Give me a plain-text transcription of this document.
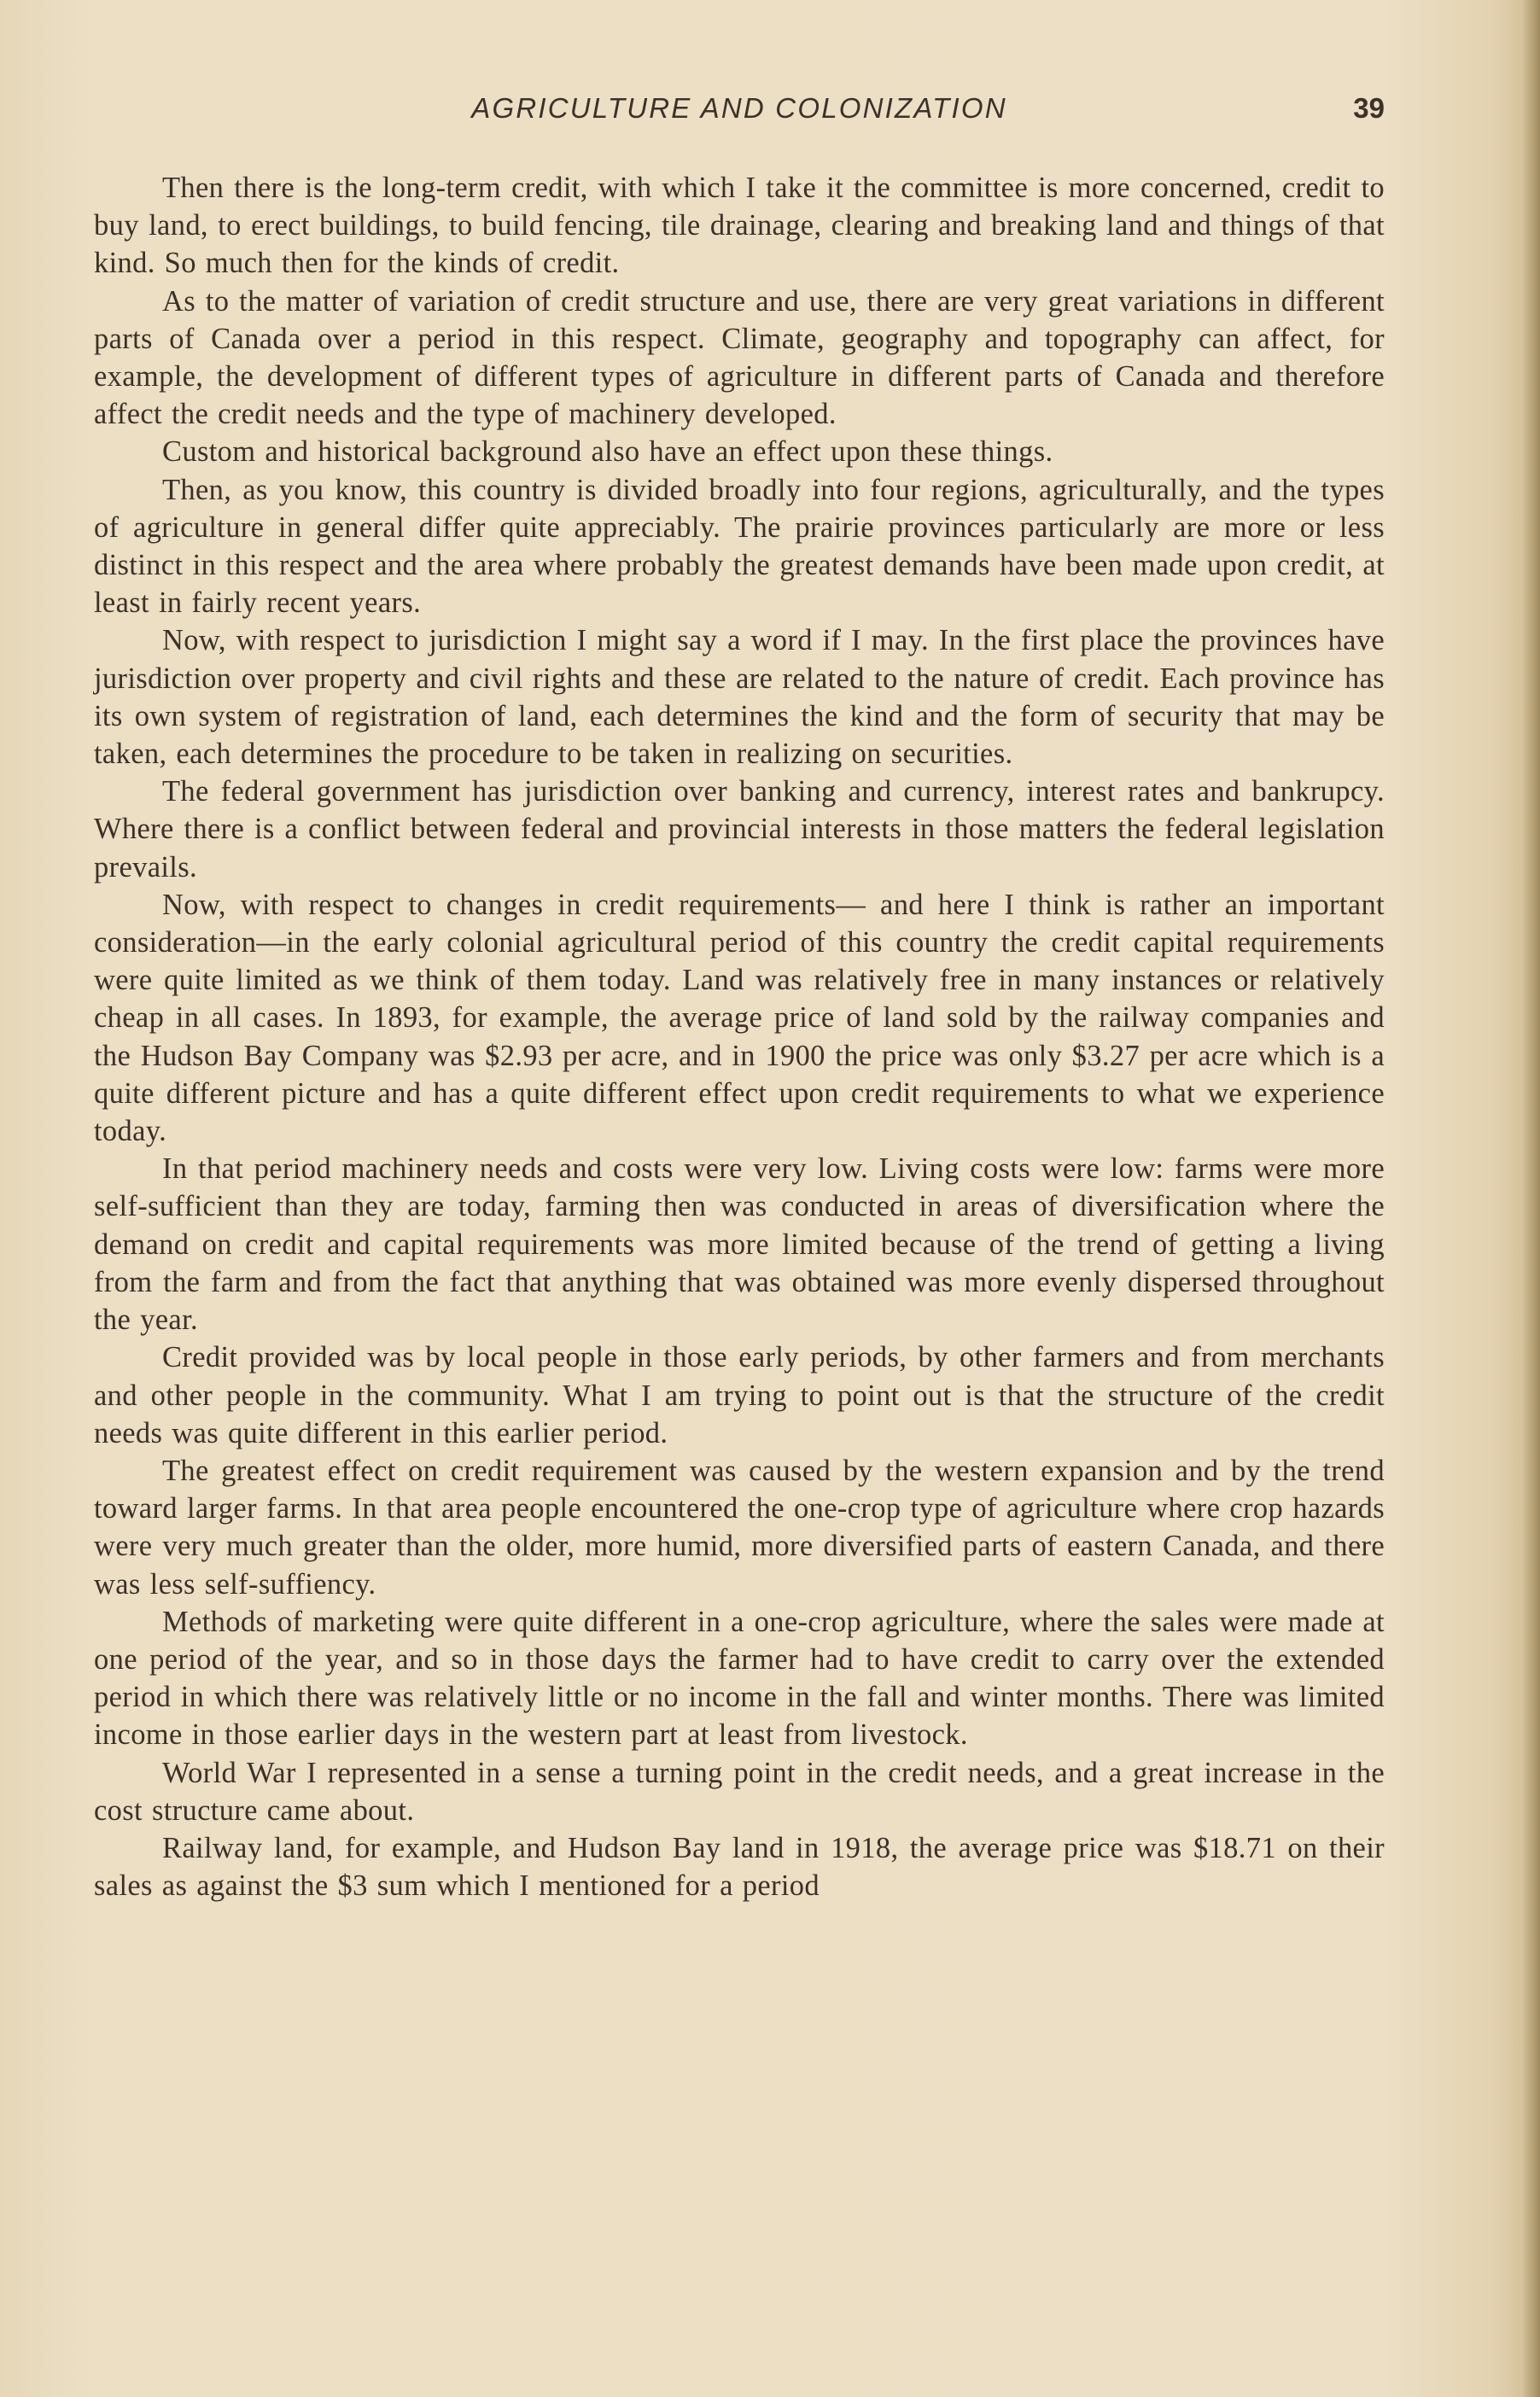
AGRICULTURE AND COLONIZATION	39

Then there is the long-term credit, with which I take it the committee is more concerned, credit to buy land, to erect buildings, to build fencing, tile drainage, clearing and breaking land and things of that kind. So much then for the kinds of credit.

As to the matter of variation of credit structure and use, there are very great variations in different parts of Canada over a period in this respect. Climate, geography and topography can affect, for example, the development of different types of agriculture in different parts of Canada and therefore affect the credit needs and the type of machinery developed.

Custom and historical background also have an effect upon these things.

Then, as you know, this country is divided broadly into four regions, agriculturally, and the types of agriculture in general differ quite appreciably. The prairie provinces particularly are more or less distinct in this respect and the area where probably the greatest demands have been made upon credit, at least in fairly recent years.

Now, with respect to jurisdiction I might say a word if I may. In the first place the provinces have jurisdiction over property and civil rights and these are related to the nature of credit. Each province has its own system of registration of land, each determines the kind and the form of security that may be taken, each determines the procedure to be taken in realizing on securities.

The federal government has jurisdiction over banking and currency, interest rates and bankrupcy. Where there is a conflict between federal and provincial interests in those matters the federal legislation prevails.

Now, with respect to changes in credit requirements— and here I think is rather an important consideration—in the early colonial agricultural period of this country the credit capital requirements were quite limited as we think of them today. Land was relatively free in many instances or relatively cheap in all cases. In 1893, for example, the average price of land sold by the railway companies and the Hudson Bay Company was $2.93 per acre, and in 1900 the price was only $3.27 per acre which is a quite different picture and has a quite different effect upon credit requirements to what we experience today.

In that period machinery needs and costs were very low. Living costs were low: farms were more self-sufficient than they are today, farming then was conducted in areas of diversification where the demand on credit and capital requirements was more limited because of the trend of getting a living from the farm and from the fact that anything that was obtained was more evenly dispersed throughout the year.

Credit provided was by local people in those early periods, by other farmers and from merchants and other people in the community. What I am trying to point out is that the structure of the credit needs was quite different in this earlier period.

The greatest effect on credit requirement was caused by the western expansion and by the trend toward larger farms. In that area people encountered the one-crop type of agriculture where crop hazards were very much greater than the older, more humid, more diversified parts of eastern Canada, and there was less self-suffiency.

Methods of marketing were quite different in a one-crop agriculture, where the sales were made at one period of the year, and so in those days the farmer had to have credit to carry over the extended period in which there was relatively little or no income in the fall and winter months. There was limited income in those earlier days in the western part at least from livestock.

World War I represented in a sense a turning point in the credit needs, and a great increase in the cost structure came about.

Railway land, for example, and Hudson Bay land in 1918, the average price was $18.71 on their sales as against the $3 sum which I mentioned for a period
